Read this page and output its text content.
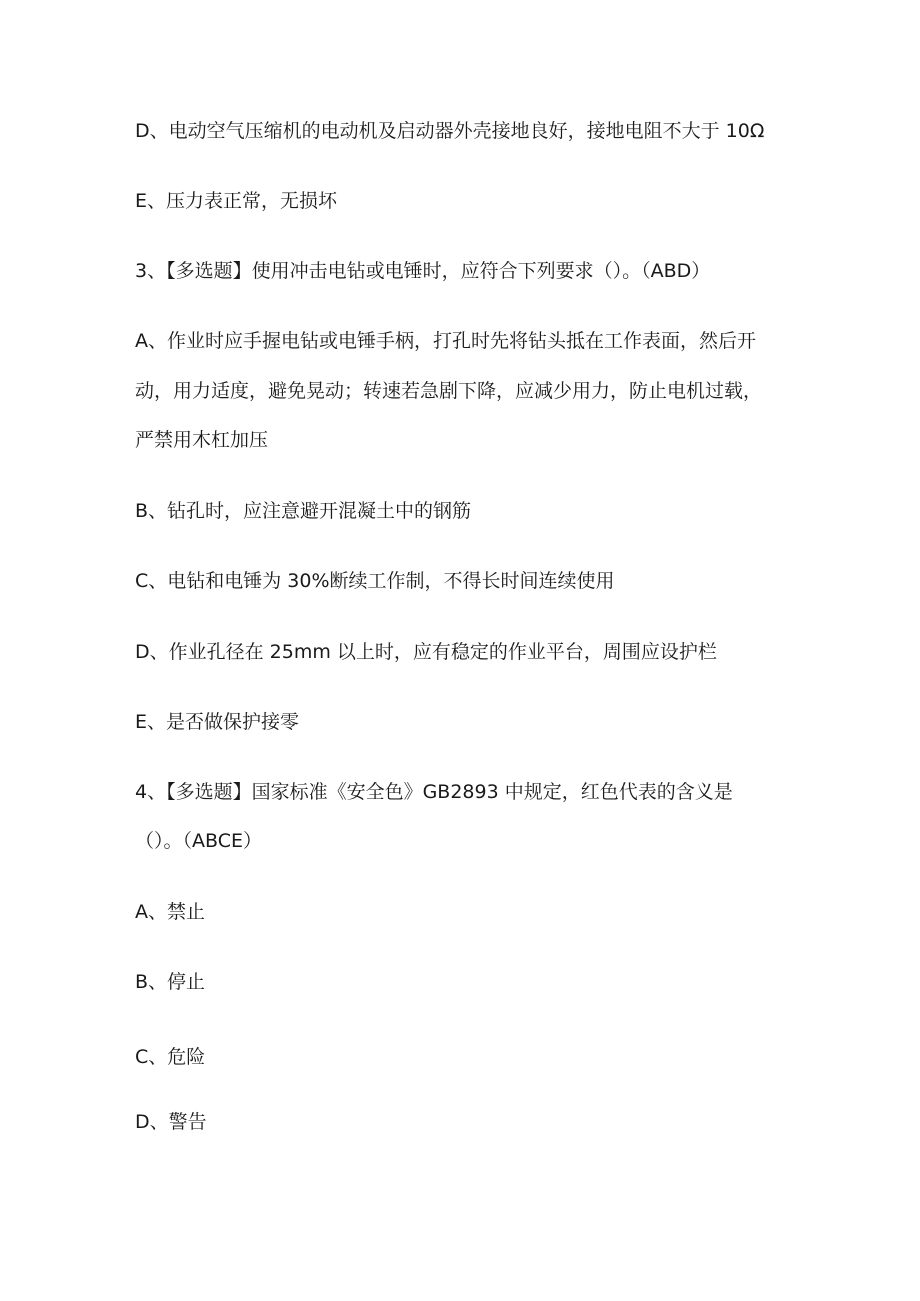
D、电动空气压缩机的电动机及启动器外壳接地良好，接地电阻不大于 10Ω
E、压力表正常，无损坏
3、【多选题】使用冲击电钻或电锤时，应符合下列要求（）。（ABD）
A、作业时应手握电钻或电锤手柄，打孔时先将钻头抵在工作表面，然后开
动，用力适度，避免晃动；转速若急剧下降，应减少用力，防止电机过载，
严禁用木杠加压
B、钻孔时，应注意避开混凝土中的钢筋
C、电钻和电锤为 30%断续工作制，不得长时间连续使用
D、作业孔径在 25mm 以上时，应有稳定的作业平台，周围应设护栏
E、是否做保护接零
4、【多选题】国家标准《安全色》GB2893 中规定，红色代表的含义是
（）。（ABCE）
A、禁止
B、停止
C、危险
D、警告
